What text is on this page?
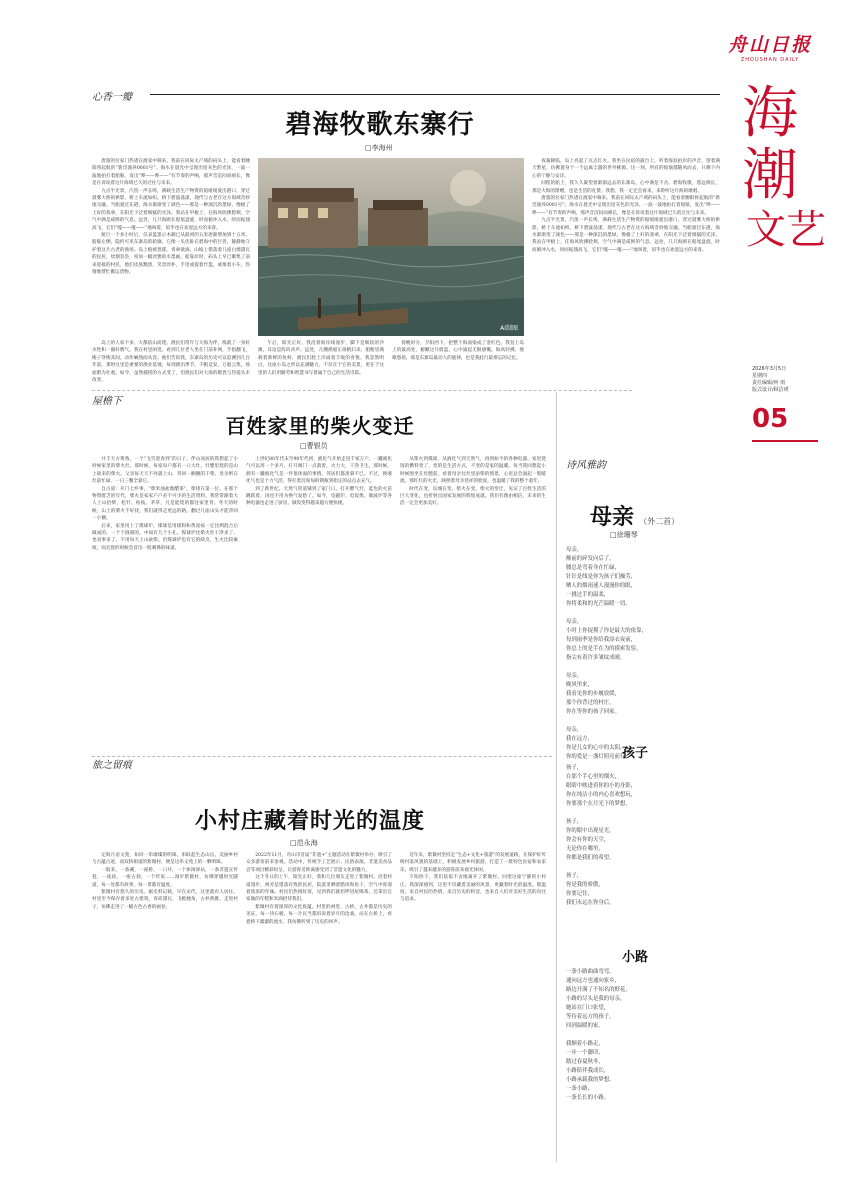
舟山日报
ZHOUSHAN DAILY
海
潮
文艺
2026年3月5日
星期四
责任编辑/何 雨
版式设计/顾洁瑛
05
心香一瓣
碧海牧歌东寨行
□李海州

唐旅的位家门热诸在渡家中频来。我前在回际太产域的码头上，能看着腰阳将起航的“新岱渡养0001号”。海水在晨光中呈现出铅灰色的光泽，一波一波地拍打着船舷，发出“哗——哗——”有节奏的声响，那声音沉闷而绵长，像是在诉说着这片海域已久的过往与未来。

九点半光景，汽笛一声长鸣，满载生活生产物资的船缓缓驶出港口，穿过晨雾大桥的拱影，桥上车流如织，桥下碧波荡漾，现代与古老在这方海域奇妙地交融。当船驶过东港，海水渐渐变了颜色——那是一种深沉的墨绿，像极了上好的翡翠，在阳光下泛着细腻的光泽。我站在甲板上，任海风吹拂脸颊，空气中满是咸鲜的气息。远处，几只海鸥在船尾盘旋，时而俯冲入水，时而振翅高飞，它们“嘎——嘎——”地叫着，似乎也在欢迎远方的来客。

航行一个多小时后，仅表蓝墨示木颇已从最初的五米逐渐增加到十五米。船舷左侧，隐约可见东寨岛的轮廓，它像一头伏卧在碧海中的巨兽，静静地守护着这片古老的渔场。岛上植被葱郁，青翠欲滴，山坡上错落着几座白墙黛瓦的民居，炊烟袅袅，宛如一幅淡雅的水墨画。船靠岸时，码头上早已聚集了前来迎接的村民，他们皮肤黝黑，笑容淳朴，手里或提着竹篮，或推着小车，热情地帮忙搬运货物。

AI制图

岛上的人家不多，大都依山而建。渔民们常年与大海为伴，练就了一身好水性和一副好脾气。我在村里闲逛，看到几位老人坐在门前补网，手指翻飞，梭子穿梭其间，动作娴熟而从容。他们告诉我，东寨岛的历史可以追溯到几百年前，那时这里是重要的渔业基地，每到渔汛季节，千帆竞发，万船云集，场面蔚为壮观。如今，虽然捕捞的方式变了，但渔民们对大海的敬畏与热爱从未改变。

午后，阳光正好。我沿着海岸线漫步，脚下是细软的沙滩，耳边是阵阵涛声。远处，几艘渔船正扬帆归来，船舱里满载着新鲜的鱼虾，渔民们脸上洋溢着丰收的喜悦。我忽然明白，这座小岛之所以充满魅力，不仅在于它的美景，更在于这里的人们用勤劳和智慧书写着属于自己的生活诗篇。

傍晚时分，夕阳西下，把整个海面染成了金红色。我登上岛上的最高处，俯瞰这片蔚蓝，心中涌起无限感慨。海风轻拂，渔歌悠扬，那是东寨岛最动人的旋律，也是我此行最难忘的记忆。

夜幕降临，岛上亮起了点点灯火。我坐在民宿的露台上，听着海浪拍岸的声音，望着满天繁星，仿佛置身于一个远离尘嚣的世外桃源。这一刻，所有的烦恼都随风而去，只剩下内心的宁静与安详。

回程的船上，我久久凝望着渐渐远去的东寨岛，心中满是不舍。碧海牧歌，悠远绵长，那是大海的馈赠，也是生活的礼赞。我想，我一定还会再来，来聆听这片海的歌唱。

唐旅的位家门热诸在渡家中频来。我前在回际太产域的码头上，能看着腰阳将起航的“新岱渡养0001号”。海水在晨光中呈现出铅灰色的光泽，一波一波地拍打着船舷，发出“哗——哗——”有节奏的声响，那声音沉闷而绵长，像是在诉说着这片海域已久的过往与未来。

九点半光景，汽笛一声长鸣，满载生活生产物资的船缓缓驶出港口，穿过晨雾大桥的拱影，桥上车流如织，桥下碧波荡漾，现代与古老在这方海域奇妙地交融。当船驶过东港，海水渐渐变了颜色——那是一种深沉的墨绿，像极了上好的翡翠，在阳光下泛着细腻的光泽。我站在甲板上，任海风吹拂脸颊，空气中满是咸鲜的气息。远处，几只海鸥在船尾盘旋，时而俯冲入水，时而振翅高飞，它们“嘎——嘎——”地叫着，似乎也在欢迎远方的来客。

屋檐下
百姓家里的柴火变迁
□曹银员

井丰天方黄熟，一个“飞雪迎春到”的日子，伴山而居的我想起了小时候家里的柴火灶。那时候，每家每户都有一口大灶，灶膛里烧的是山上砍来的柴火。父亲每天天不亮就上山，背回一捆捆的干柴，母亲则在灶前忙碌，一日三餐全靠它。

自古道：开门七件事，“柴米油盐酱醋茶”，柴排在第一位。在那个物资匮乏的年代，柴火是家家户户必不可少的生活资料。我常常跟着大人上山拾柴，松针、枯枝、茅草，凡是能烧的都往家里背。冬天的时候，山上的柴火不好找，我们就得走更远的路，翻过几座山头才能背回一小捆。

后来，家里用上了煤球炉。煤球是用煤粉和黄泥按一定比例混合后做成的，一个个圆圆的，中间有几个小孔。煤球炉比柴火灶干净多了，也省事多了，不用每天上山砍柴。但煤球炉也有它的缺点，生火比较麻烦，而且烧的时候会冒出一股刺鼻的味道。

上世纪80年代末至90年代初，液化气开始走进千家万户。一罐液化气可以用一个多月，打开阀门一点就着，火力大，干净卫生。那时候，拥有一罐液化气是一件很体面的事情，邻居们都羡慕不已。不过，换液化气也是个力气活，得扛着沉甸甸的钢瓶到指定的站点去充气。

到了新世纪，天然气管道铺到了家门口。打开燃气灶，蓝色的火苗跳跃着，再也不用为换气发愁了。如今，电磁炉、电饭煲、微波炉等各种电器也走进了厨房，做饭变得越来越方便快捷。

从柴火到煤球，从液化气到天然气，再到如今的各种电器，家里烧饭的燃料变了，变的是生活方式，不变的是家的温暖。每当我回想起小时候围坐在灶膛前，看着母亲往灶里添柴的情景，心里总会涌起一股暖流。那红红的火光，映照着母亲慈祥的脸庞，也温暖了我的整个童年。

时代在变，岛城在变，柴火在变。柴火的变迁，见证了百姓生活的巨大变化，也折射出国家发展的辉煌成就。我们有理由相信，未来的生活一定会更加美好。

旅之留痕
小村庄藏着时光的温度
□范永海

定海月岙文苑，如同一串璀璨的明珠，串联起生态山岳、美丽乡村与古蕴古迹，而双桥街道的紫微村，便是这串文苑上的一颗明珠。

一般来，一条溪，一座桥，一口井，一个休闲驿站，一条非遗宣传巷，一座庙，一座古刹，一个传说……漫步紫微村，仿佛穿越时光隧道，每一处都有故事，每一景都有温度。

紫微村有悠久的历史。据史料记载，早在宋代，这里就有人居住。村里至今保存着多处古建筑，青砖黛瓦，飞檐翘角，古朴典雅。走进村子，仿佛走进了一幅古色古香的画卷。

2022年11月，舟山市首届“非遗+”主题活动在紫微村举办，吸引了众多游客前来参观。活动中，传统手工艺展示、民俗表演、非遗美食品尝等项目精彩纷呈，让游客近距离感受到了非遗文化的魅力。

这个冬日的上午，阳光正好，我和几位朋友走进了紫微村。沿着村道漫步，两旁是错落有致的民居，院落里晒着腊肉和鱼干，空气中弥漫着浓浓的年味。村民们热情好客，见到我们就招呼进屋喝茶，还拿出自家做的年糕和米酒招待我们。

紫微村有着深厚的文化底蕴。村里的祠堂、古桥、古井都是历史的见证，每一块石板、每一片瓦当都诉说着岁月的沧桑。站在古桥上，看着桥下潺潺的流水，我仿佛听到了历史的回声。

近年来，紫微村坚持走“生态+文化+旅游”的发展道路，在保护好传统村落风貌的基础上，积极发展乡村旅游，打造了一批特色民宿和农家乐，吸引了越来越多的游客前来观光休闲。

夕阳西下，我们依依不舍地离开了紫微村。回望这座宁静的小村庄，我深深感到，这里不仅藏着美丽的风景，更藏着时光的温度。那温度，来自村民的热情，来自历史的积淀，也来自人们对美好生活的向往与追求。

诗风雅韵
母亲 （外二首）
□徐珊琴
母亲，
额前的碎发向后了，
腰总是弯着身在忙碌，
针针是线是你为孩子们操劳，
晒人的烟雨迷人漫漫你的眼，
一挑过手的温柔，
你将柔和的光芒温暖一切。

母亲，
小时上你捉摸了你是最大的依靠，
每到雨季是你给我添衣夜前，
你总上的是手在为的摸索发髻，
指尖有着许多皱纹成晴。

母亲，
晚风里来，
我看见你的步履放缓，
那个你背过的村庄，
你在等你的孩子回家。

母亲，
我在远方，
你是儿女的心中的太阳，
你的爱是一盏灯照亮前行。
孩子
孩子，
在那个手心里的烟火，
眼睛中映进着你的小的身影，
你在纯洁小的内心喜欢想玩，
你要那个在月光下的梦想。

孩子，
你的眼中出现星光，
你会有你的天空，
无论你在哪里，
你都是我们的希望。

孩子，
你是我的骄傲，
你要记住，
我们永远在你身后。
小路
一条小路曲曲弯弯，
通向远方也通向家乡，
路边开满了不知名的野花，
小路的尽头是我的母亲，
她站在门口张望，
等待着远方的孩子，
回到温暖的家。

我顺着小路走，
一步一个脚印，
踏过春夏秋冬，
小路陪伴我成长，
小路承载我的梦想，
一条小路，
一条长长的小路。
